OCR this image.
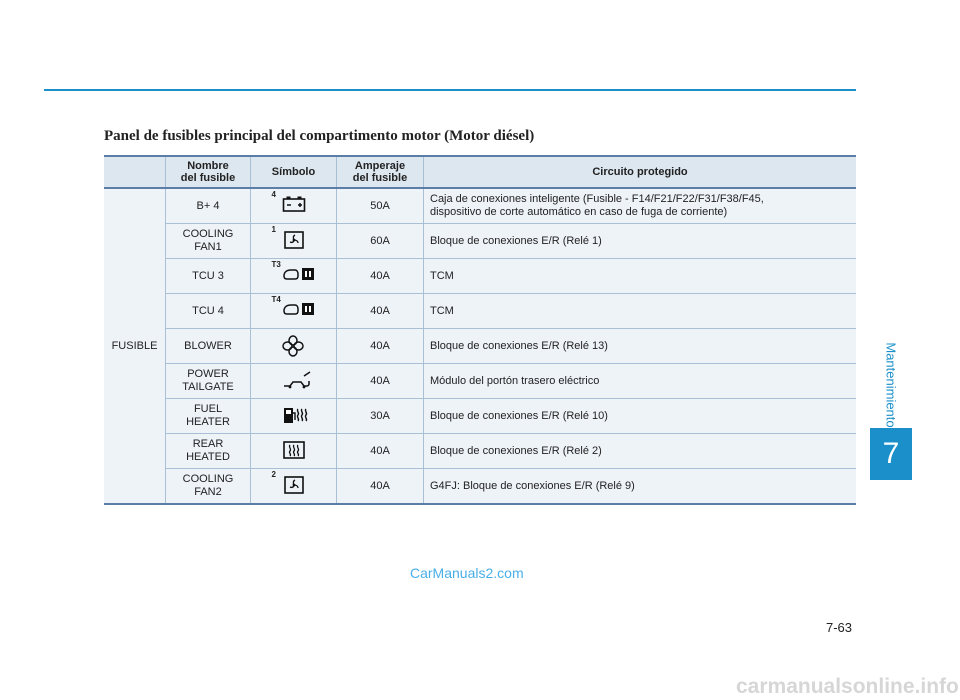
Panel de fusibles principal del compartimento motor (Motor diésel)
Mantenimiento
7
	Nombre
del fusible	Símbolo	Amperaje
del fusible	Circuito protegido
FUSIBLE	B+ 4	4	50A	Caja de conexiones inteligente (Fusible - F14/F21/F22/F31/F38/F45,
dispositivo de corte automático en caso de fuga de corriente)
	COOLING
FAN1	1	60A	Bloque de conexiones E/R (Relé 1)
	TCU 3	T3	40A	TCM
	TCU 4	T4	40A	TCM
	BLOWER		40A	Bloque de conexiones E/R (Relé 13)
	POWER
TAILGATE		40A	Módulo del portón trasero eléctrico
	FUEL
HEATER		30A	Bloque de conexiones E/R (Relé 10)
	REAR
HEATED		40A	Bloque de conexiones E/R (Relé 2)
	COOLING
FAN2	2	40A	G4FJ: Bloque de conexiones E/R (Relé 9)
CarManuals2.com
7-63
carmanualsonline.info
